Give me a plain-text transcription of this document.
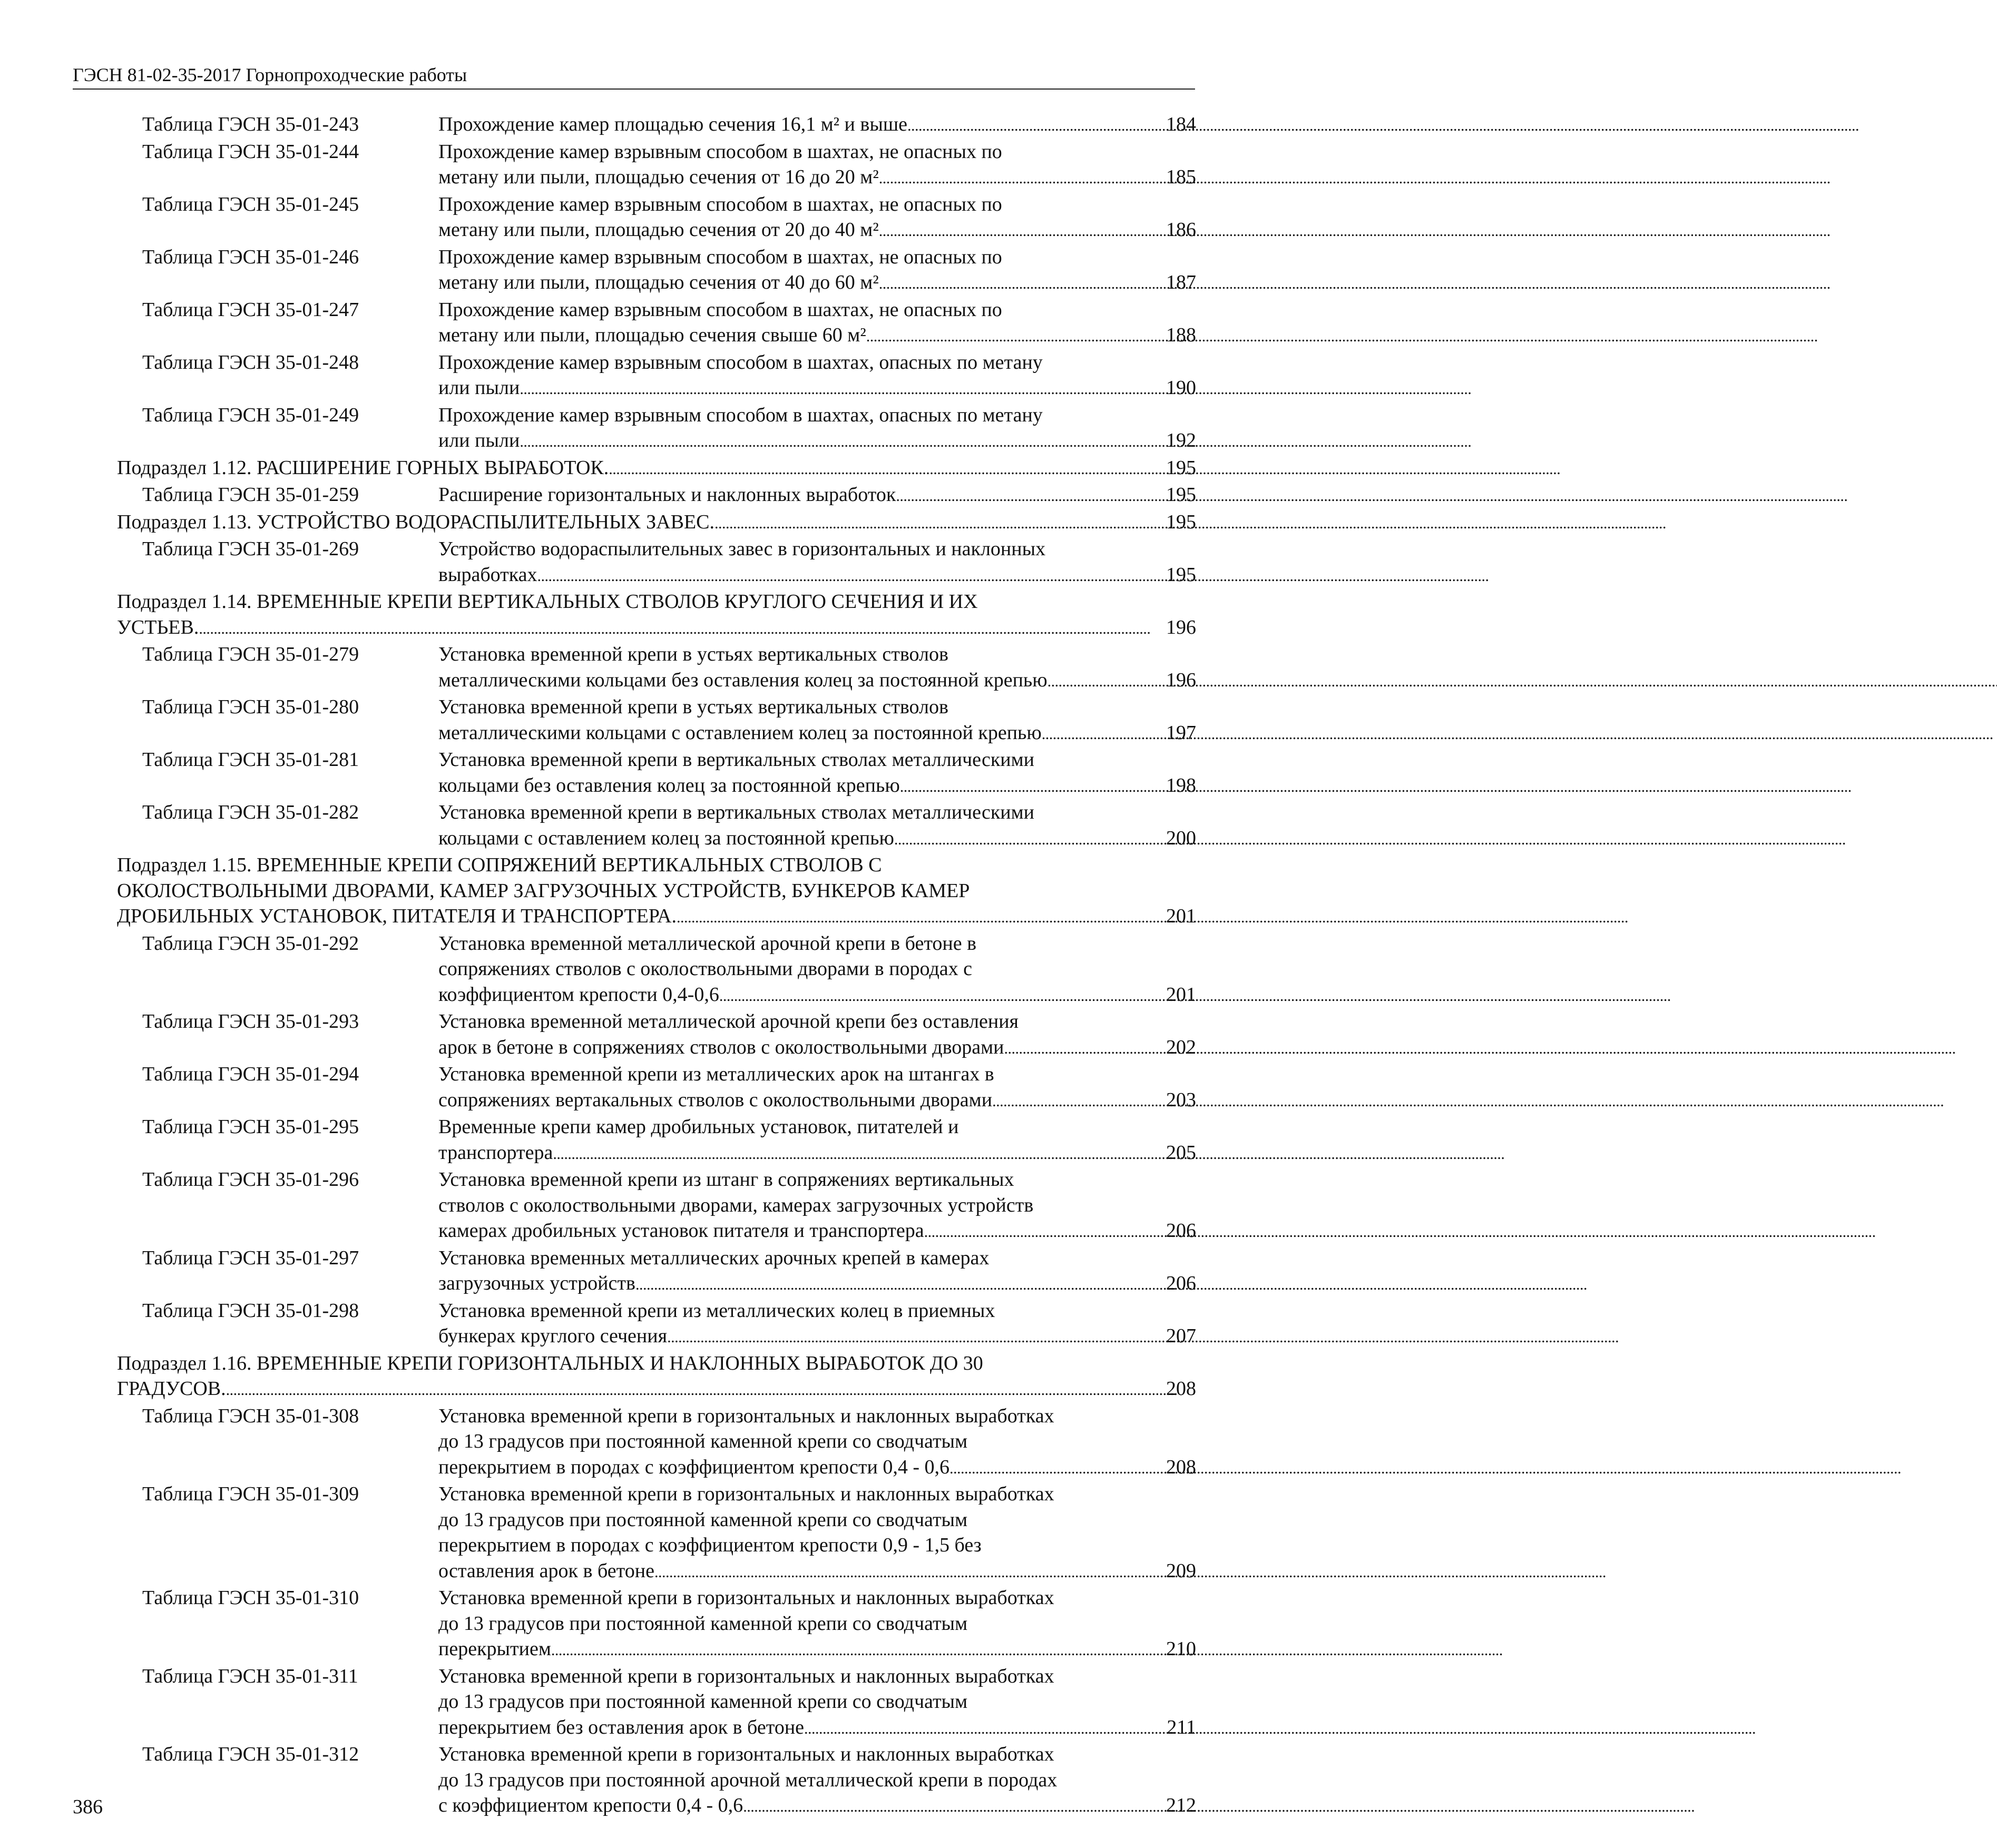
ГЭСН 81-02-35-2017 Горнопроходческие работы
Таблица ГЭСН 35-01-243	Прохождение камер площадью сечения 16,1 м² и выше . . .	184
Таблица ГЭСН 35-01-244	Прохождение камер взрывным способом в шахтах, не опасных по
метану или пыли, площадью сечения от 16 до 20 м² . . .	185
Таблица ГЭСН 35-01-245	Прохождение камер взрывным способом в шахтах, не опасных по
метану или пыли, площадью сечения от 20 до 40 м² . . .	186
Таблица ГЭСН 35-01-246	Прохождение камер взрывным способом в шахтах, не опасных по
метану или пыли, площадью сечения от 40 до 60 м² . . .	187
Таблица ГЭСН 35-01-247	Прохождение камер взрывным способом в шахтах, не опасных по
метану или пыли, площадью сечения свыше 60 м² . . .	188
Таблица ГЭСН 35-01-248	Прохождение камер взрывным способом в шахтах, опасных по метану
или пыли . . .	190
Таблица ГЭСН 35-01-249	Прохождение камер взрывным способом в шахтах, опасных по метану
или пыли . . .	192
Подраздел 1.12. РАСШИРЕНИЕ ГОРНЫХ ВЫРАБОТОК. . . .	195
Таблица ГЭСН 35-01-259	Расширение горизонтальных и наклонных выработок . . .	195
Подраздел 1.13. УСТРОЙСТВО ВОДОРАСПЫЛИТЕЛЬНЫХ ЗАВЕС. . . .	195
Таблица ГЭСН 35-01-269	Устройство водораспылительных завес в горизонтальных и наклонных
выработках . . .	195
Подраздел 1.14. ВРЕМЕННЫЕ КРЕПИ ВЕРТИКАЛЬНЫХ СТВОЛОВ КРУГЛОГО СЕЧЕНИЯ И ИХ
УСТЬЕВ. . . .	196
Таблица ГЭСН 35-01-279	Установка временной крепи в устьях вертикальных стволов
металлическими кольцами без оставления колец за постоянной крепью . . .	196
Таблица ГЭСН 35-01-280	Установка временной крепи в устьях вертикальных стволов
металлическими кольцами с оставлением колец за постоянной крепью . . .	197
Таблица ГЭСН 35-01-281	Установка временной крепи в вертикальных стволах металлическими
кольцами без оставления колец за постоянной крепью . . .	198
Таблица ГЭСН 35-01-282	Установка временной крепи в вертикальных стволах металлическими
кольцами с оставлением колец за постоянной крепью . . .	200
Подраздел 1.15. ВРЕМЕННЫЕ КРЕПИ СОПРЯЖЕНИЙ ВЕРТИКАЛЬНЫХ СТВОЛОВ С
ОКОЛОСТВОЛЬНЫМИ ДВОРАМИ, КАМЕР ЗАГРУЗОЧНЫХ УСТРОЙСТВ, БУНКЕРОВ КАМЕР
ДРОБИЛЬНЫХ УСТАНОВОК, ПИТАТЕЛЯ И ТРАНСПОРТЕРА. . . .	201
Таблица ГЭСН 35-01-292	Установка временной металлической арочной крепи в бетоне в
сопряжениях стволов с околоствольными дворами в породах с
коэффициентом крепости 0,4-0,6 . . .	201
Таблица ГЭСН 35-01-293	Установка временной металлической арочной крепи без оставления
арок в бетоне в сопряжениях стволов с околоствольными дворами . . .	202
Таблица ГЭСН 35-01-294	Установка временной крепи из металлических арок на штангах в
сопряжениях вертакальных стволов с околоствольными дворами . . .	203
Таблица ГЭСН 35-01-295	Временные крепи камер дробильных установок, питателей и
транспортера . . .	205
Таблица ГЭСН 35-01-296	Установка временной крепи из штанг в сопряжениях вертикальных
стволов с околоствольными дворами, камерах загрузочных устройств
камерах дробильных установок питателя и транспортера . . .	206
Таблица ГЭСН 35-01-297	Установка временных металлических арочных крепей в камерах
загрузочных устройств . . .	206
Таблица ГЭСН 35-01-298	Установка временной крепи из металлических колец в приемных
бункерах круглого сечения . . .	207
Подраздел 1.16. ВРЕМЕННЫЕ КРЕПИ ГОРИЗОНТАЛЬНЫХ И НАКЛОННЫХ ВЫРАБОТОК ДО 30
ГРАДУСОВ. . . .	208
Таблица ГЭСН 35-01-308	Установка временной крепи в горизонтальных и наклонных выработках
до 13 градусов при постоянной каменной крепи со сводчатым
перекрытием в породах с коэффициентом крепости 0,4 - 0,6 . . .	208
Таблица ГЭСН 35-01-309	Установка временной крепи в горизонтальных и наклонных выработках
до 13 градусов при постоянной каменной крепи со сводчатым
перекрытием в породах с коэффициентом крепости 0,9 - 1,5 без
оставления арок в бетоне . . .	209
Таблица ГЭСН 35-01-310	Установка временной крепи в горизонтальных и наклонных выработках
до 13 градусов при постоянной каменной крепи со сводчатым
перекрытием . . .	210
Таблица ГЭСН 35-01-311	Установка временной крепи в горизонтальных и наклонных выработках
до 13 градусов при постоянной каменной крепи со сводчатым
перекрытием без оставления арок в бетоне . . .	211
Таблица ГЭСН 35-01-312	Установка временной крепи в горизонтальных и наклонных выработках
до 13 градусов при постоянной арочной металлической крепи в породах
с коэффициентом крепости 0,4 - 0,6 . . .	212
386
